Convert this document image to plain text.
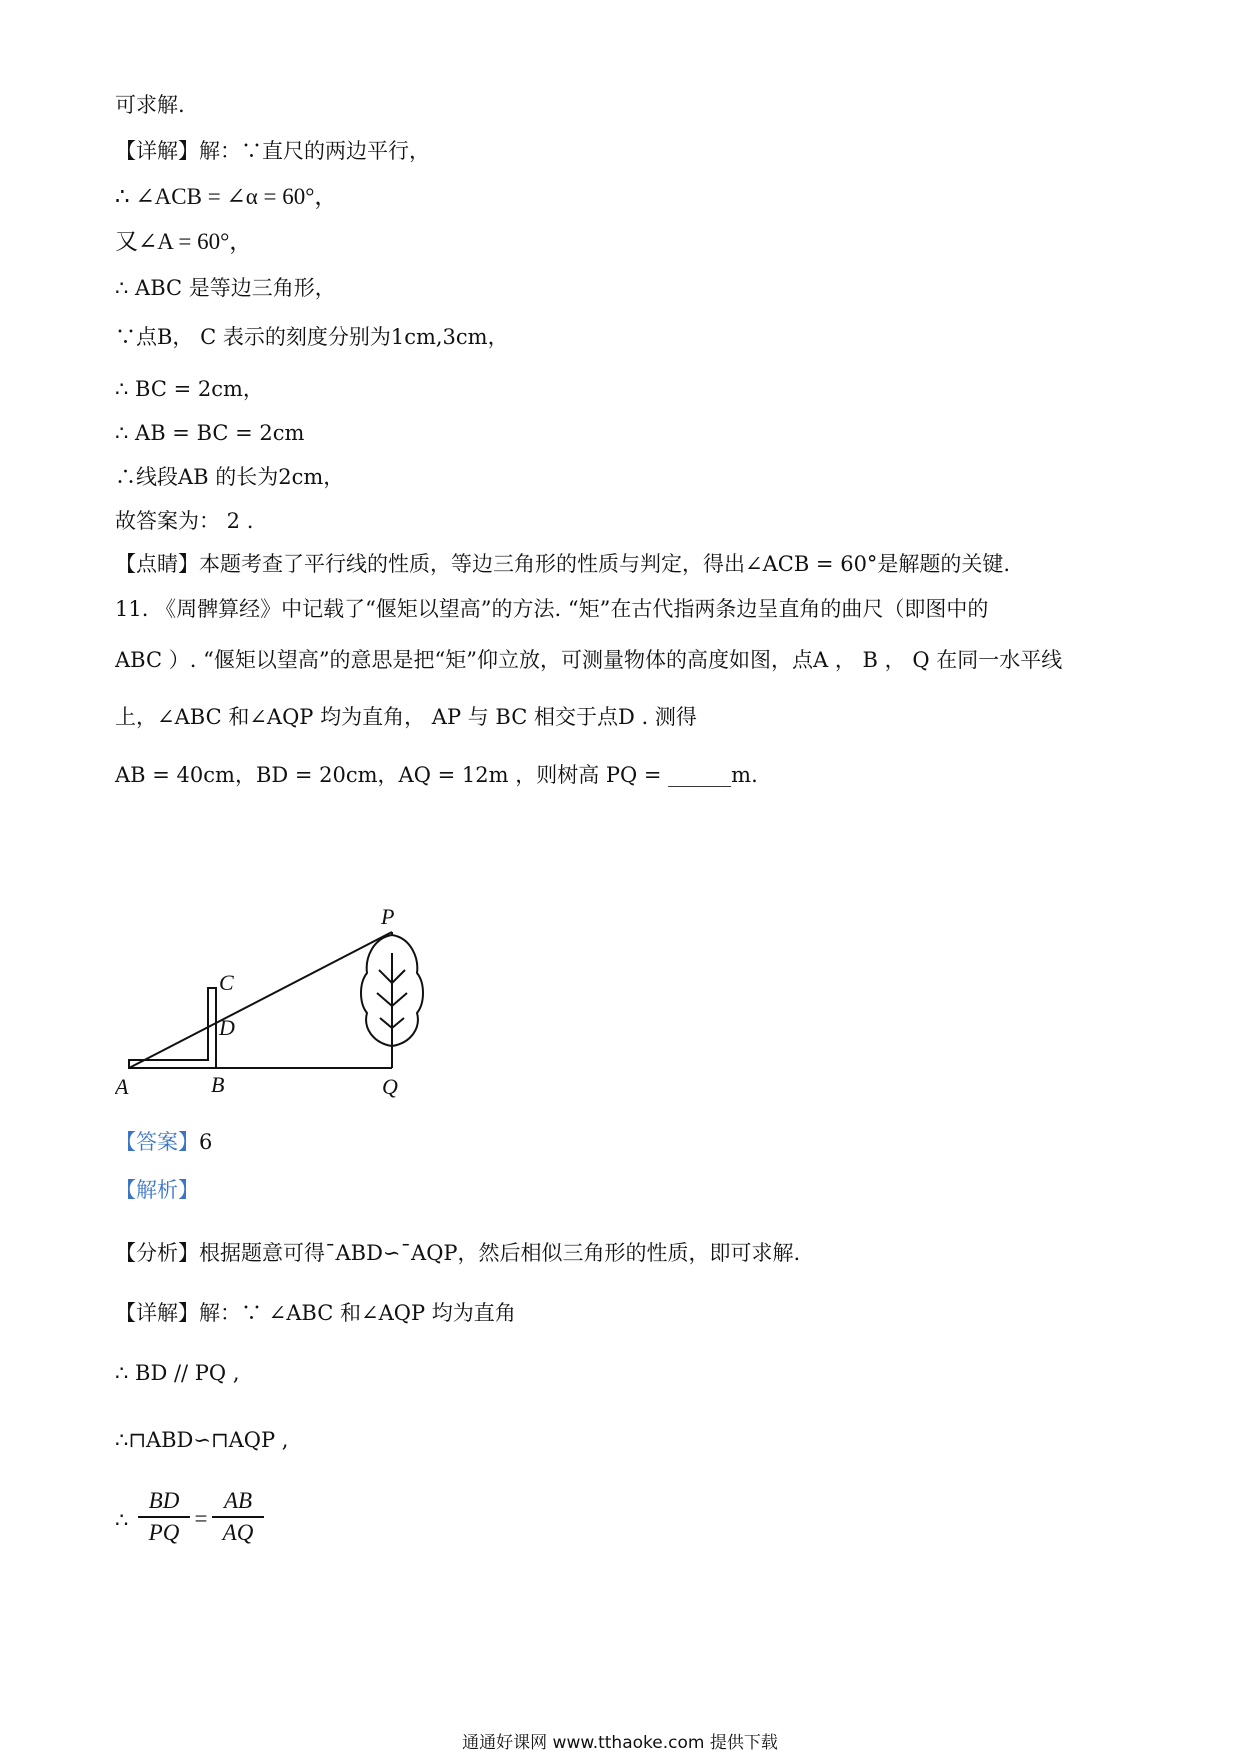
可求解.
【详解】解：∵直尺的两边平行，
∴ ∠ACB = ∠α = 60°，
又∠A = 60°，
∴ ABC 是等边三角形，
∵点B， C 表示的刻度分别为1cm,3cm，
∴ BC = 2cm，
∴ AB = BC = 2cm
∴线段AB 的长为2cm，
故答案为： 2 .
【点睛】本题考查了平行线的性质，等边三角形的性质与判定，得出∠ACB = 60°是解题的关键.
11. 《周髀算经》中记载了“偃矩以望高”的方法. “矩”在古代指两条边呈直角的曲尺（即图中的
ABC ）. “偃矩以望高”的意思是把“矩”仰立放，可测量物体的高度如图，点A ， B ， Q 在同一水平线
上，∠ABC 和∠AQP 均为直角， AP 与 BC 相交于点D . 测得
AB = 40cm，BD = 20cm，AQ = 12m ，则树高 PQ = ______m.
A	B
C
D
P
Q
【答案】6
【解析】
【分析】根据题意可得¯ABD∽¯AQP，然后相似三角形的性质，即可求解.
【详解】解：∵ ∠ABC 和∠AQP 均为直角
∴ BD // PQ ,
∴⊓ABD∽⊓AQP ,
∴
BD
PQ
=
AB
AQ
通通好课网 www.tthaoke.com 提供下载
